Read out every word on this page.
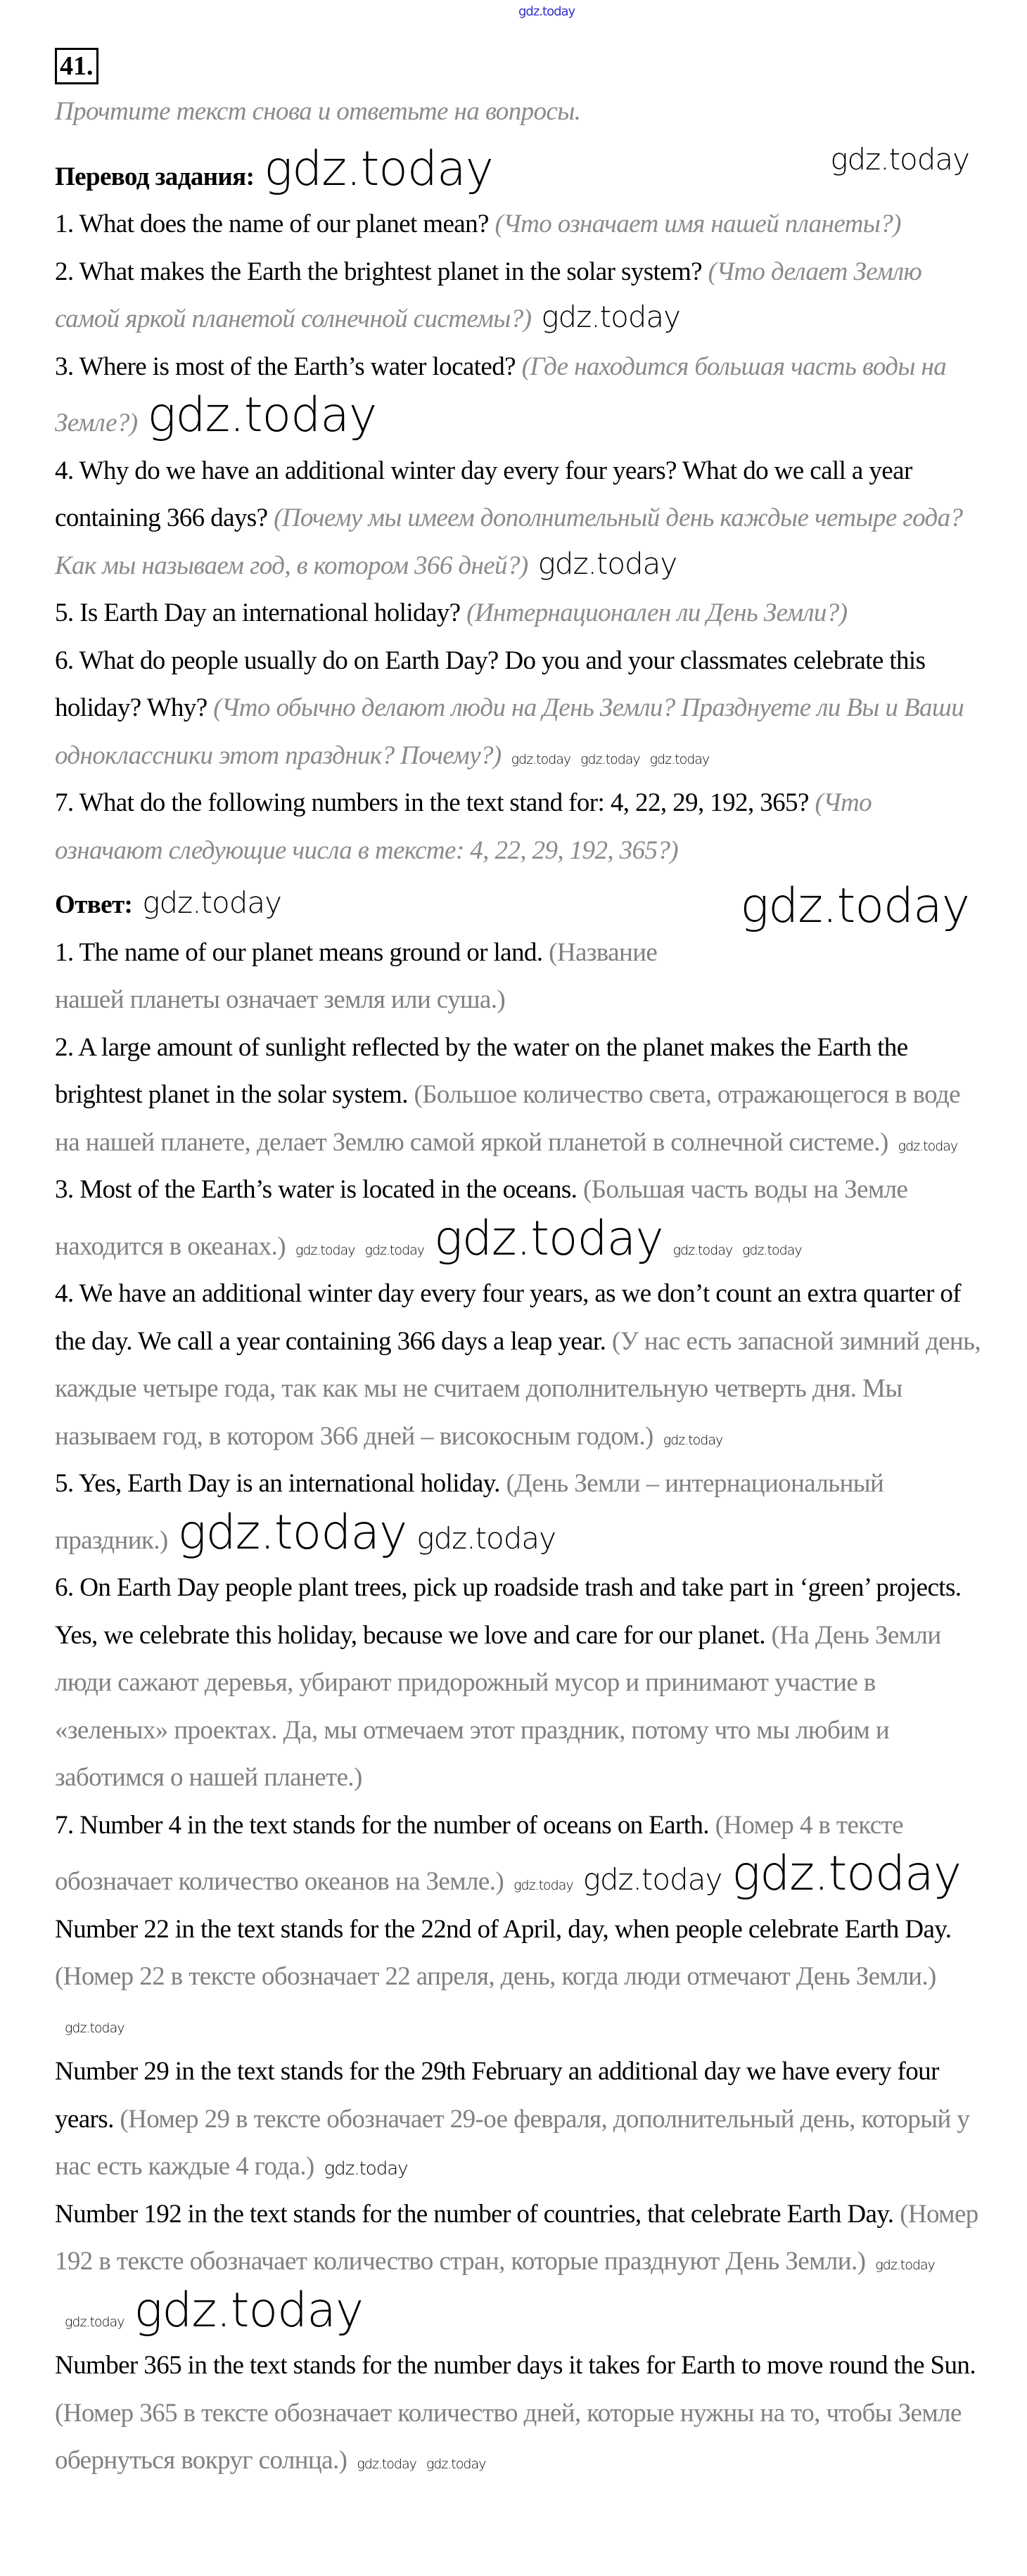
gdz.today
41.

Прочтите текст снова и ответьте на вопросы.

Перевод задания: gdz.today	gdz.today

1. What does the name of our planet mean? (Что означает имя нашей планеты?)

2. What makes the Earth the brightest planet in the solar system? (Что делает Землю самой яркой планетой солнечной системы?) gdz.today

3. Where is most of the Earth’s water located? (Где находится большая часть воды на Земле?) gdz.today

4. Why do we have an additional winter day every four years? What do we call a year containing 366 days? (Почему мы имеем дополнительный день каждые четыре года? Как мы называем год, в котором 366 дней?) gdz.today

5. Is Earth Day an international holiday? (Интернационален ли День Земли?)

6. What do people usually do on Earth Day? Do you and your classmates celebrate this holiday? Why? (Что обычно делают люди на День Земли? Празднуете ли Вы и Ваши одноклассники этот праздник? Почему?) gdz.today gdz.today gdz.today

7. What do the following numbers in the text stand for: 4, 22, 29, 192, 365? (Что означают следующие числа в тексте: 4, 22, 29, 192, 365?)

Ответ: gdz.today	gdz.today

1. The name of our planet means ground or land. (Название нашей планеты означает земля или суша.)

2. A large amount of sunlight reflected by the water on the planet makes the Earth the brightest planet in the solar system. (Большое количество света, отражающегося в воде на нашей планете, делает Землю самой яркой планетой в солнечной системе.) gdz.today

3. Most of the Earth’s water is located in the oceans. (Большая часть воды на Земле находится в океанах.) gdz.today gdz.today gdz.today gdz.today gdz.today

4. We have an additional winter day every four years, as we don’t count an extra quarter of the day. We call a year containing 366 days a leap year. (У нас есть запасной зимний день, каждые четыре года, так как мы не считаем дополнительную четверть дня. Мы называем год, в котором 366 дней – високосным годом.) gdz.today

5. Yes, Earth Day is an international holiday. (День Земли – интернациональный праздник.) gdz.today gdz.today

6. On Earth Day people plant trees, pick up roadside trash and take part in ‘green’ projects. Yes, we celebrate this holiday, because we love and care for our planet. (На День Земли люди сажают деревья, убирают придорожный мусор и принимают участие в «зеленых» проектах. Да, мы отмечаем этот праздник, потому что мы любим и заботимся о нашей планете.)

7. Number 4 in the text stands for the number of oceans on Earth. (Номер 4 в тексте обозначает количество океанов на Земле.) gdz.today gdz.today gdz.today

Number 22 in the text stands for the 22nd of April, day, when people celebrate Earth Day. (Номер 22 в тексте обозначает 22 апреля, день, когда люди отмечают День Земли.)gdz.today

Number 29 in the text stands for the 29th February an additional day we have every four years. (Номер 29 в тексте обозначает 29-ое февраля, дополнительный день, который у нас есть каждые 4 года.) gdz.today

Number 192 in the text stands for the number of countries, that celebrate Earth Day. (Номер 192 в тексте обозначает количество стран, которые празднуют День Земли.) gdz.todaygdz.today gdz.today

Number 365 in the text stands for the number days it takes for Earth to move round the Sun. (Номер 365 в тексте обозначает количество дней, которые нужны на то, чтобы Земле обернуться вокруг солнца.) gdz.today gdz.today
